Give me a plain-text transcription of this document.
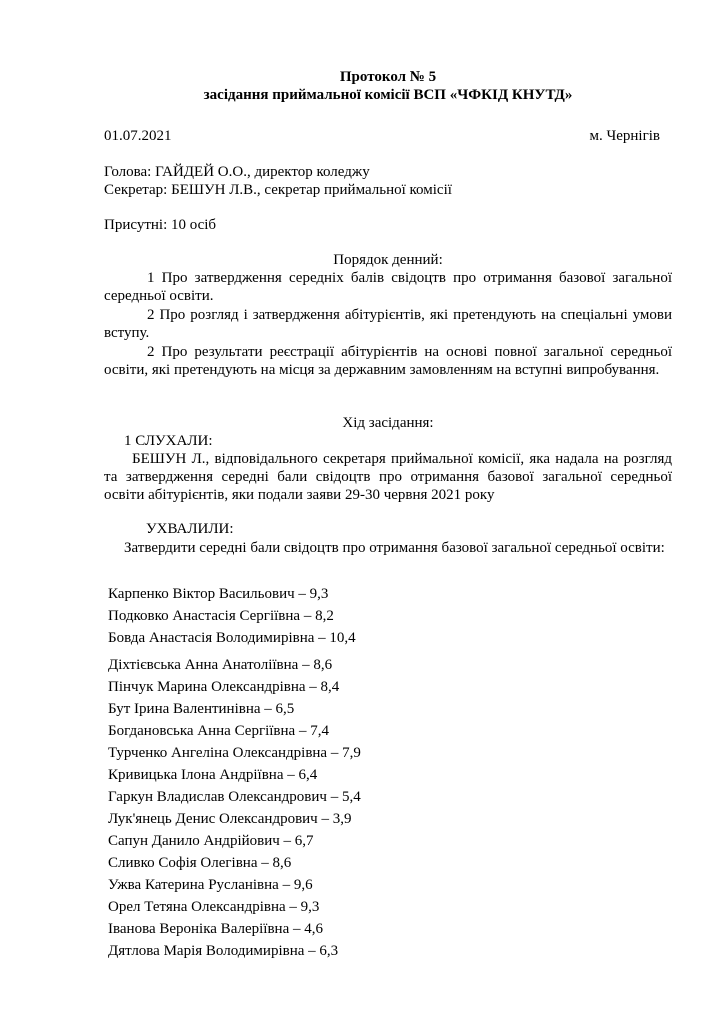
Протокол № 5
засідання приймальної комісії ВСП «ЧФКІД КНУТД»
01.07.2021	м. Чернігів
Голова: ГАЙДЕЙ О.О., директор коледжу
Секретар: БЕШУН Л.В., секретар приймальної комісії
Присутні: 10 осіб
Порядок денний:
1 Про затвердження середніх балів свідоцтв про отримання базової загальної середньої освіти.
2 Про розгляд і затвердження абітурієнтів, які претендують на спеціальні умови вступу.
2 Про результати реєстрації абітурієнтів на основі повної загальної середньої освіти, які претендують на місця за державним замовленням на вступні випробування.
Хід засідання:
1 СЛУХАЛИ:
БЕШУН Л., відповідального секретаря приймальної комісії, яка надала на розгляд та затвердження середні бали свідоцтв про отримання базової загальної середньої освіти абітурієнтів, яки подали заяви 29-30 червня 2021 року
УХВАЛИЛИ:
Затвердити середні бали свідоцтв про отримання базової загальної середньої освіти:
Карпенко Віктор Васильович – 9,3
Подковко Анастасія Сергіївна – 8,2
Бовда Анастасія Володимирівна – 10,4
Діхтієвська Анна Анатоліївна – 8,6
Пінчук Марина Олександрівна – 8,4
Бут Ірина Валентинівна – 6,5
Богдановська Анна Сергіївна – 7,4
Турченко Ангеліна Олександрівна – 7,9
Кривицька Ілона Андріївна – 6,4
Гаркун Владислав Олександрович – 5,4
Лук'янець Денис Олександрович – 3,9
Сапун Данило Андрійович – 6,7
Сливко Софія Олегівна – 8,6
Ужва Катерина Русланівна – 9,6
Орел Тетяна Олександрівна – 9,3
Іванова Вероніка Валеріївна – 4,6
Дятлова Марія Володимирівна – 6,3
